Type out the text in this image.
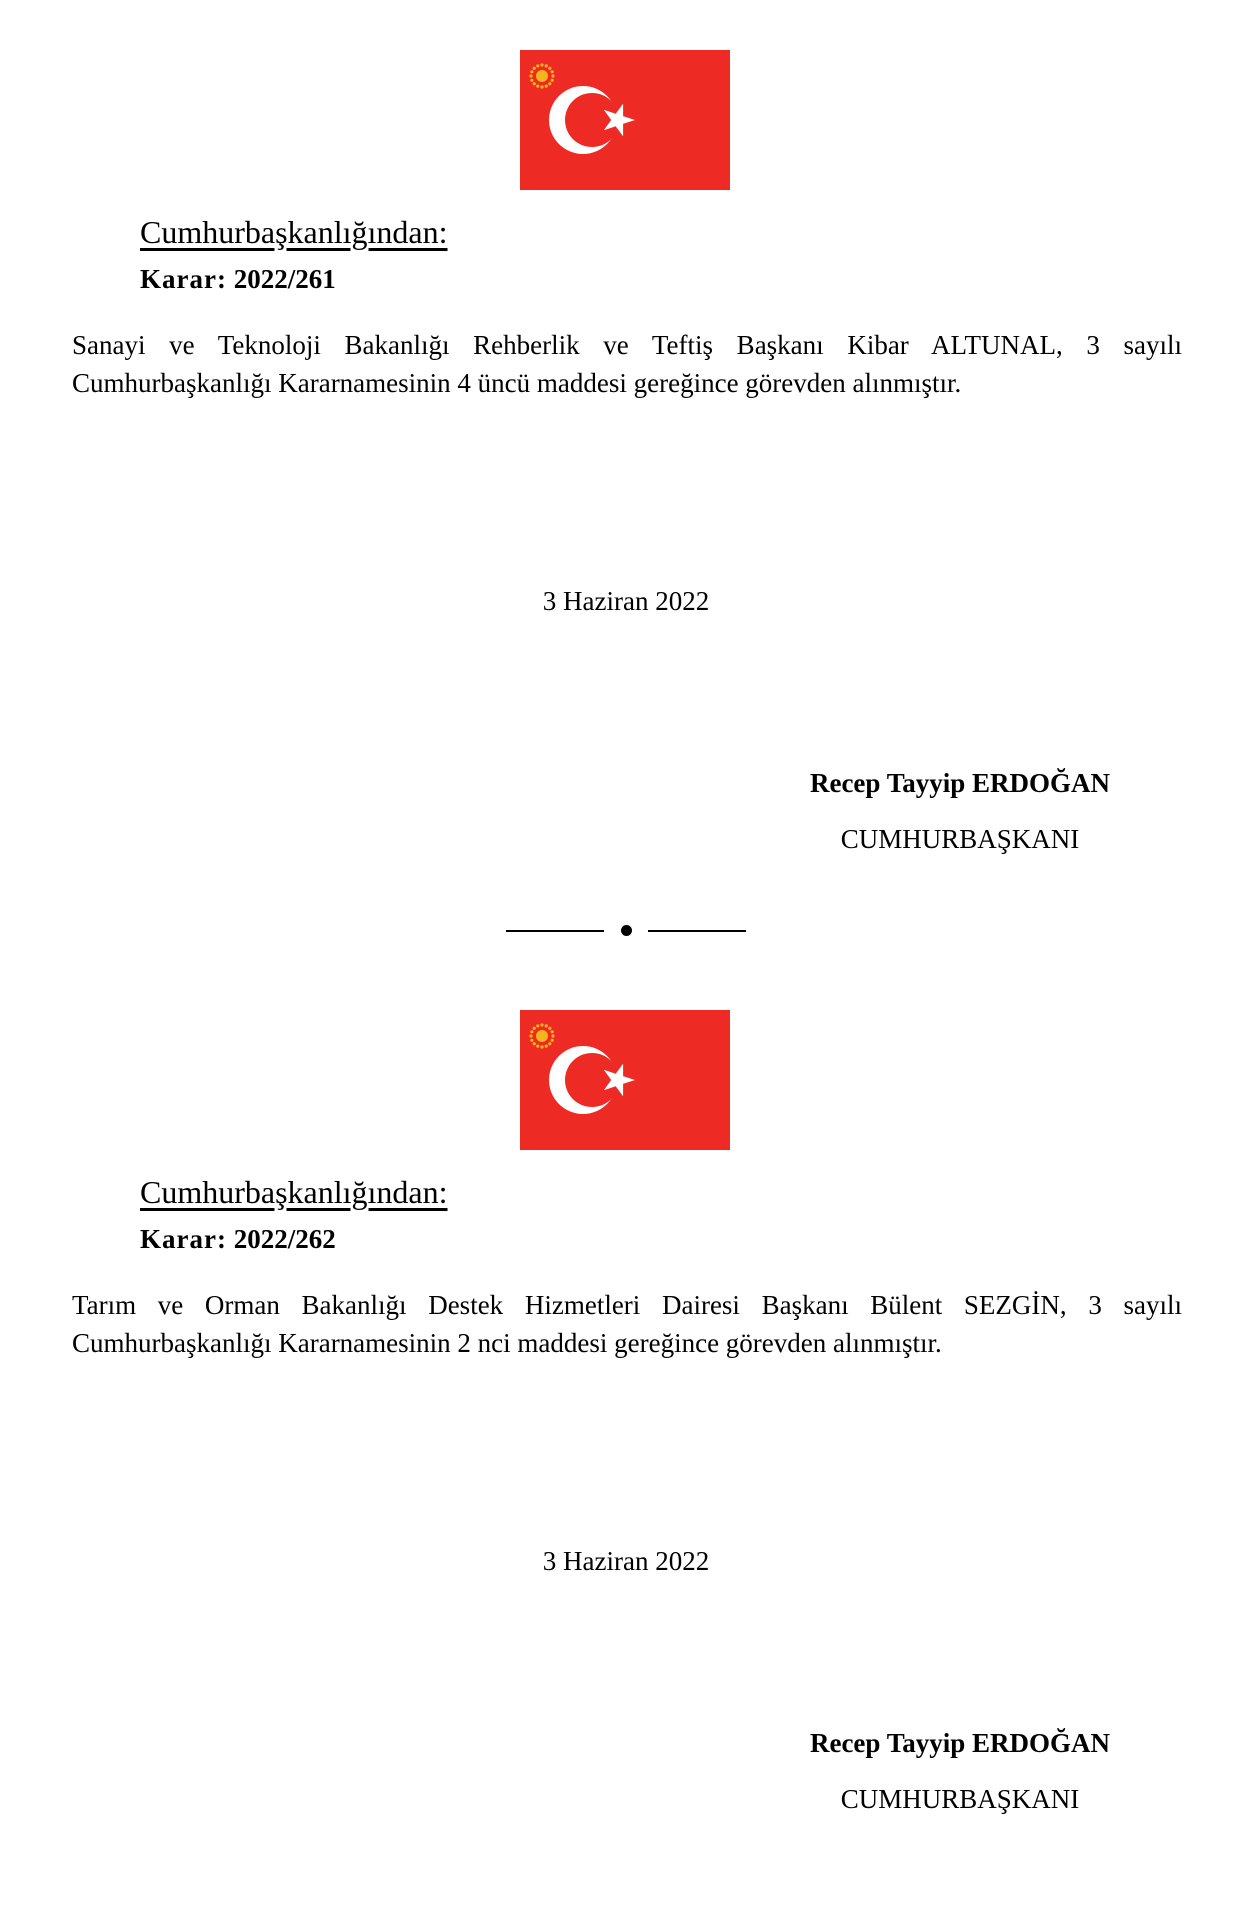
Cumhurbaşkanlığından:
Karar: 2022/261
Sanayi ve Teknoloji Bakanlığı Rehberlik ve Teftiş Başkanı Kibar ALTUNAL, 3 sayılı
Cumhurbaşkanlığı Kararnamesinin 4 üncü maddesi gereğince görevden alınmıştır.
3 Haziran 2022
Recep Tayyip ERDOĞAN
CUMHURBAŞKANI
Cumhurbaşkanlığından:
Karar: 2022/262
Tarım ve Orman Bakanlığı Destek Hizmetleri Dairesi Başkanı Bülent SEZGİN, 3 sayılı
Cumhurbaşkanlığı Kararnamesinin 2 nci maddesi gereğince görevden alınmıştır.
3 Haziran 2022
Recep Tayyip ERDOĞAN
CUMHURBAŞKANI
